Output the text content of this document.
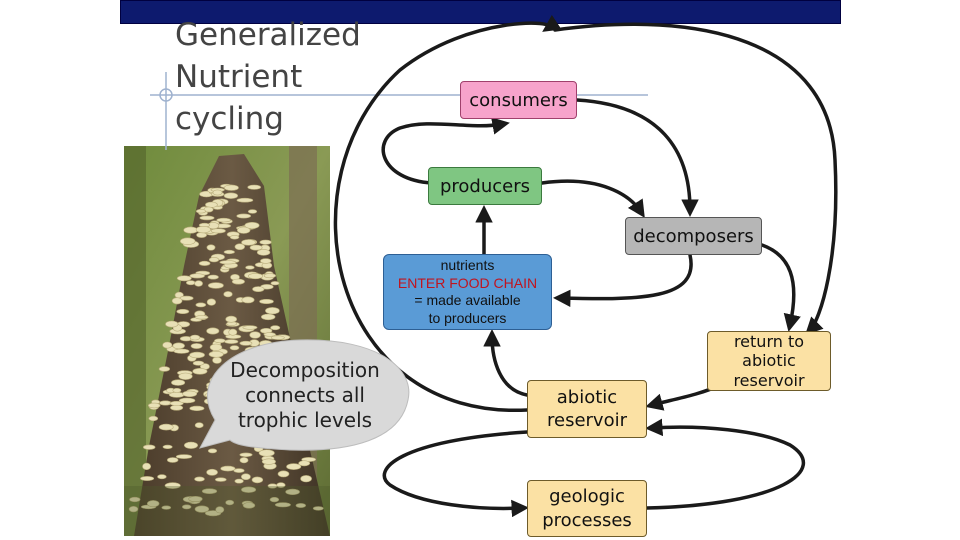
Generalized
Nutrient
cycling
Decomposition
connects all
trophic levels
consumers
producers
decomposers
nutrients
ENTER FOOD CHAIN
= made available
to producers
abiotic
reservoir
geologic
processes
return to
abiotic
reservoir
